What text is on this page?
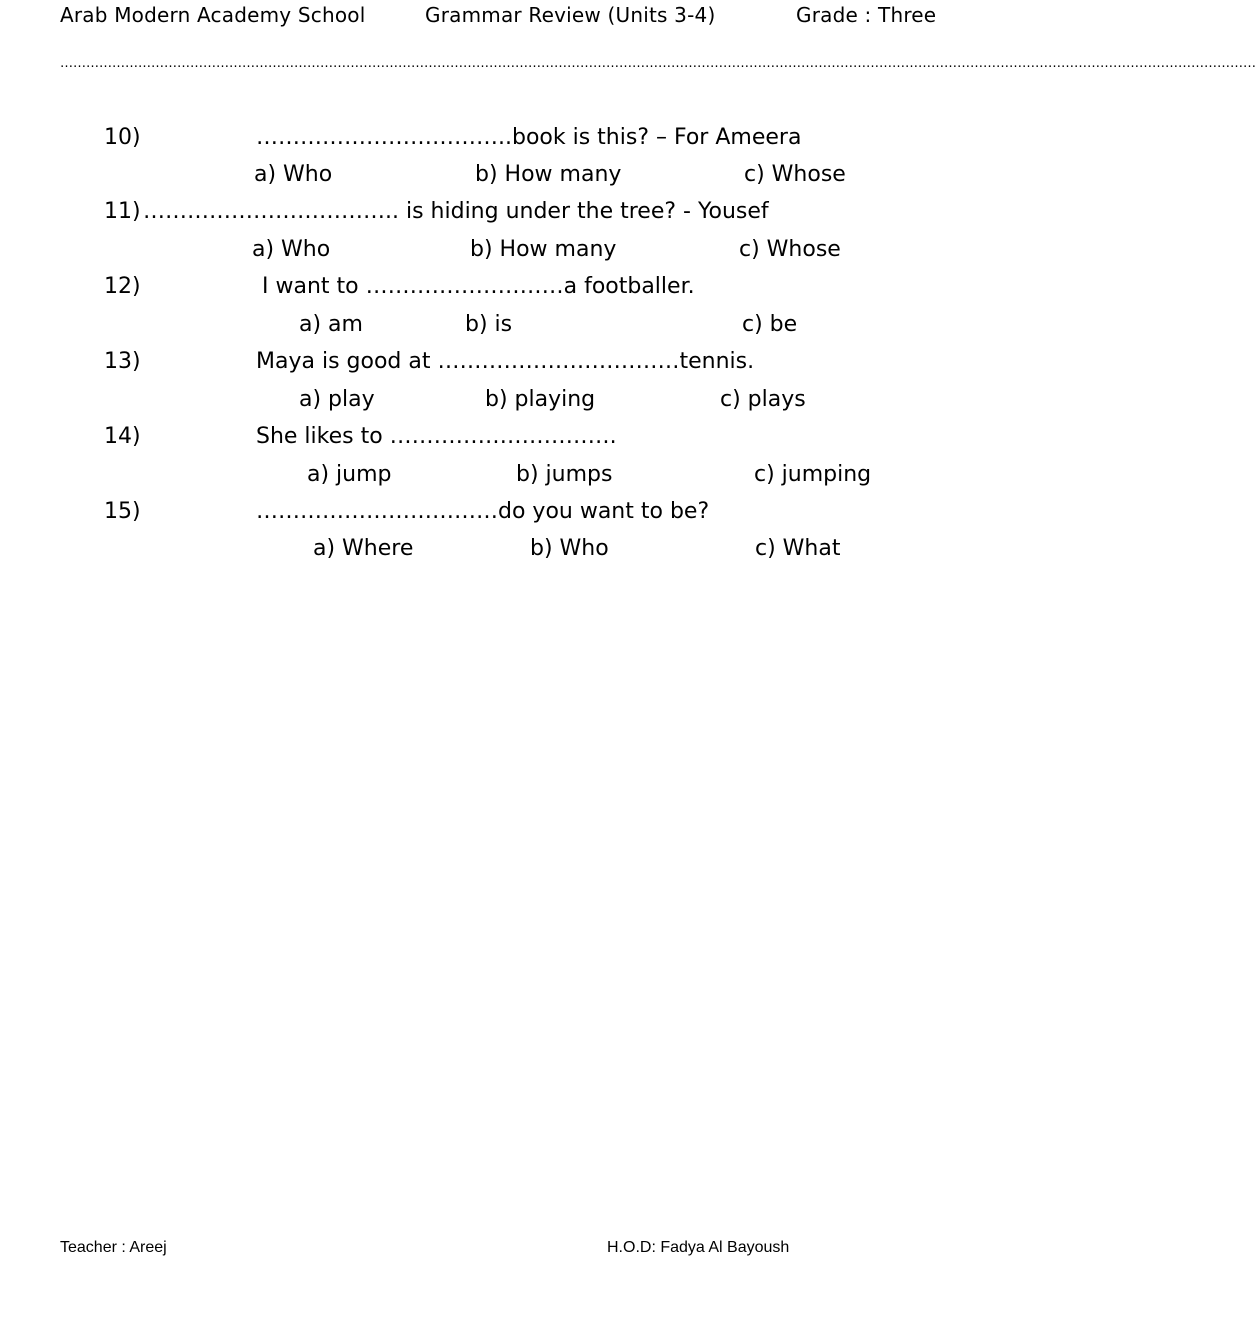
Arab Modern Academy School	Grammar Review (Units 3-4)	Grade : Three
……………………………………………………………………………………………………………………………………………………………………………………………………………………………………………………
10)	……………………………..book is this? – For Ameera
a) Who	b) How many	c) Whose
11) …………………………….. is hiding under the tree? - Yousef
a) Who	b) How many	c) Whose
12)	I want to ………………………a footballer.
a) am	b) is	c) be
13)	Maya is good at ……………………………tennis.
a) play	b) playing	c) plays
14)	She likes to ………………………….
a) jump	b) jumps	c) jumping
15)	……………………………do you want to be?
a) Where	b) Who	c) What
Teacher : Areej	H.O.D: Fadya Al Bayoush
